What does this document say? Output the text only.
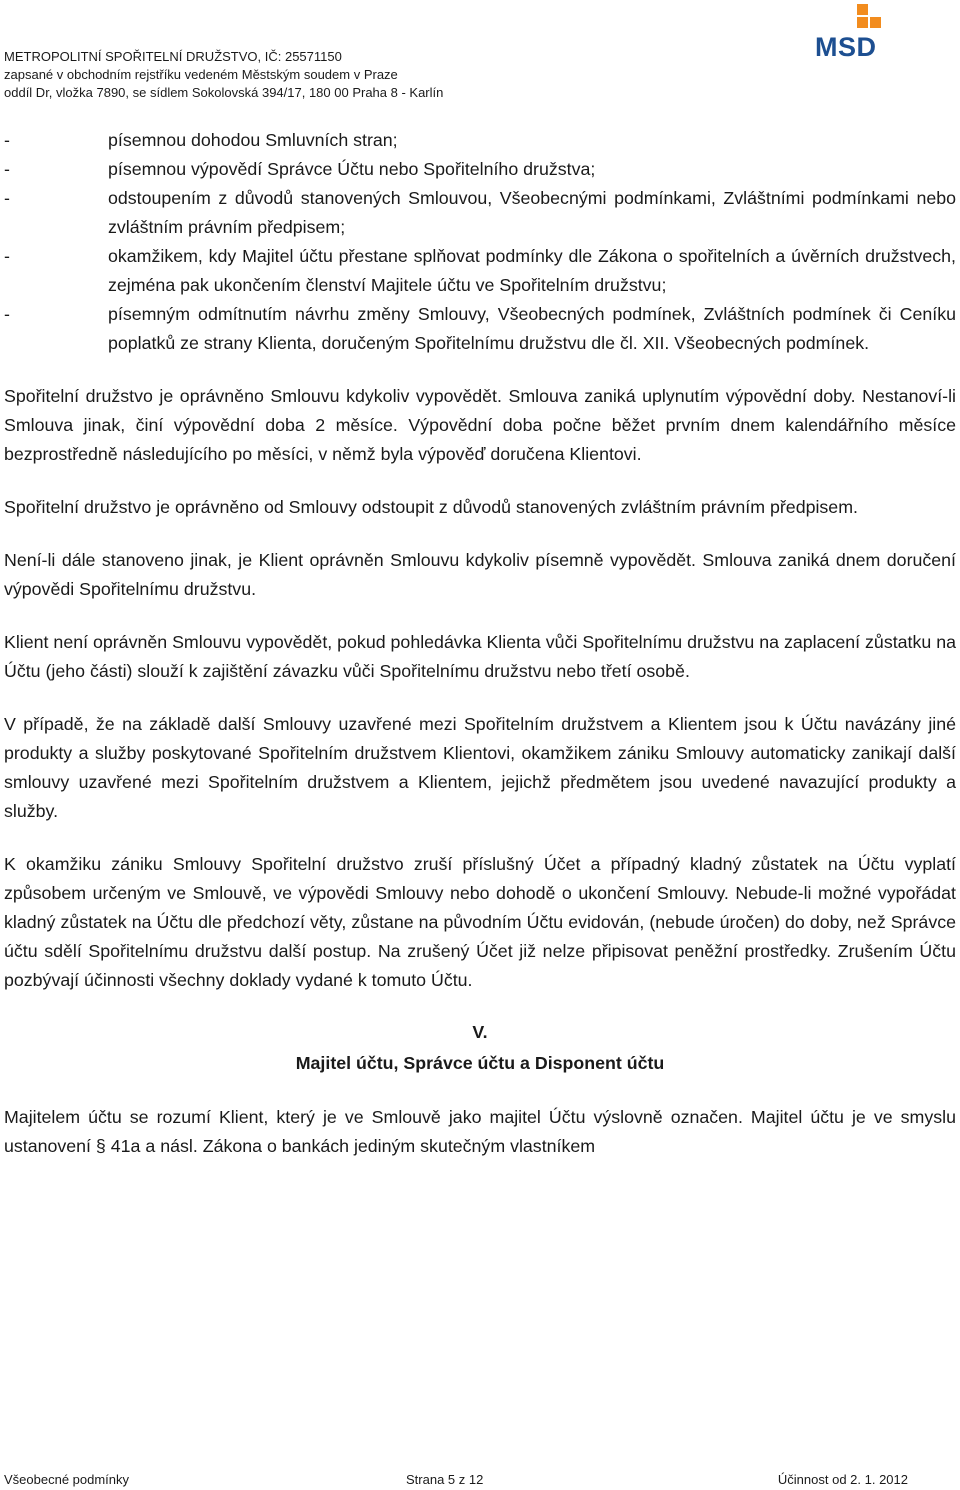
METROPOLITNÍ SPOŘITELNÍ DRUŽSTVO, IČ: 25571150
zapsané v obchodním rejstříku vedeném Městským soudem v Praze
oddíl Dr, vložka 7890, se sídlem Sokolovská 394/17, 180 00 Praha 8 - Karlín
MSD
-	písemnou dohodou Smluvních stran;
-	písemnou výpovědí Správce Účtu nebo Spořitelního družstva;
-	odstoupením z důvodů stanovených Smlouvou, Všeobecnými podmínkami, Zvláštními podmínkami nebo zvláštním právním předpisem;
-	okamžikem, kdy Majitel účtu přestane splňovat podmínky dle Zákona o spořitelních a úvěrních družstvech, zejména pak ukončením členství Majitele účtu ve Spořitelním družstvu;
-	písemným odmítnutím návrhu změny Smlouvy, Všeobecných podmínek, Zvláštních podmínek či Ceníku poplatků ze strany Klienta, doručeným Spořitelnímu družstvu dle čl. XII. Všeobecných podmínek.
Spořitelní družstvo je oprávněno Smlouvu kdykoliv vypovědět. Smlouva zaniká uplynutím výpovědní doby. Nestanoví-li Smlouva jinak, činí výpovědní doba 2 měsíce. Výpovědní doba počne běžet prvním dnem kalendářního měsíce bezprostředně následujícího po měsíci, v němž byla výpověď doručena Klientovi.
Spořitelní družstvo je oprávněno od Smlouvy odstoupit z důvodů stanovených zvláštním právním předpisem.
Není-li dále stanoveno jinak, je Klient oprávněn Smlouvu kdykoliv písemně vypovědět. Smlouva zaniká dnem doručení výpovědi Spořitelnímu družstvu.
Klient není oprávněn Smlouvu vypovědět, pokud pohledávka Klienta vůči Spořitelnímu družstvu na zaplacení zůstatku na Účtu (jeho části) slouží k zajištění závazku vůči Spořitelnímu družstvu nebo třetí osobě.
V případě, že na základě další Smlouvy uzavřené mezi Spořitelním družstvem a Klientem jsou k Účtu navázány jiné produkty a služby poskytované Spořitelním družstvem Klientovi, okamžikem zániku Smlouvy automaticky zanikají další smlouvy uzavřené mezi Spořitelním družstvem a Klientem, jejichž předmětem jsou uvedené navazující produkty a služby.
K okamžiku zániku Smlouvy Spořitelní družstvo zruší příslušný Účet a případný kladný zůstatek na Účtu vyplatí způsobem určeným ve Smlouvě, ve výpovědi Smlouvy nebo dohodě o ukončení Smlouvy. Nebude-li možné vypořádat kladný zůstatek na Účtu dle předchozí věty, zůstane na původním Účtu evidován, (nebude úročen) do doby, než Správce účtu sdělí Spořitelnímu družstvu další postup. Na zrušený Účet již nelze připisovat peněžní prostředky. Zrušením Účtu pozbývají účinnosti všechny doklady vydané k tomuto Účtu.
V.
Majitel účtu, Správce účtu a Disponent účtu
Majitelem účtu se rozumí Klient, který je ve Smlouvě jako majitel Účtu výslovně označen. Majitel účtu je ve smyslu ustanovení § 41a a násl. Zákona o bankách jediným skutečným vlastníkem
Všeobecné podmínky	Strana 5 z 12	Účinnost od 2. 1. 2012
